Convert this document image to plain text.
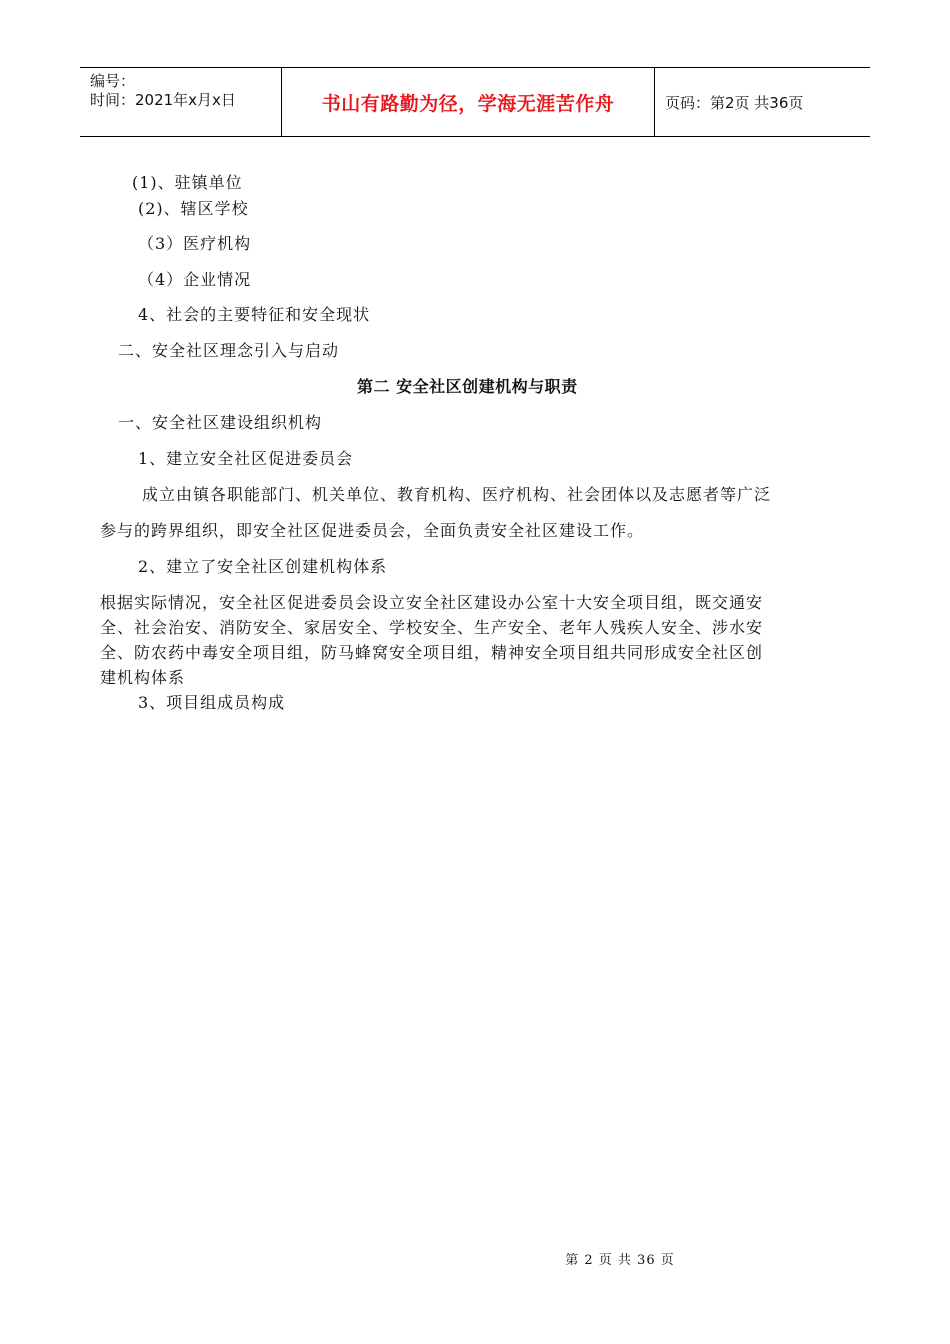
编号：
时间：2021年x月x日	书山有路勤为径，学海无涯苦作舟	页码：第2页 共36页
(1)、驻镇单位
(2)、辖区学校
（3）医疗机构
（4）企业情况
4、社会的主要特征和安全现状
二、安全社区理念引入与启动
第二 安全社区创建机构与职责
一、安全社区建设组织机构
1、建立安全社区促进委员会
成立由镇各职能部门、机关单位、教育机构、医疗机构、社会团体以及志愿者等广泛
参与的跨界组织，即安全社区促进委员会，全面负责安全社区建设工作。
2、建立了安全社区创建机构体系
根据实际情况，安全社区促进委员会设立安全社区建设办公室十大安全项目组，既交通安
全、社会治安、消防安全、家居安全、学校安全、生产安全、老年人残疾人安全、涉水安
全、防农药中毒安全项目组，防马蜂窝安全项目组，精神安全项目组共同形成安全社区创
建机构体系
3、项目组成员构成
第 2 页 共 36 页
